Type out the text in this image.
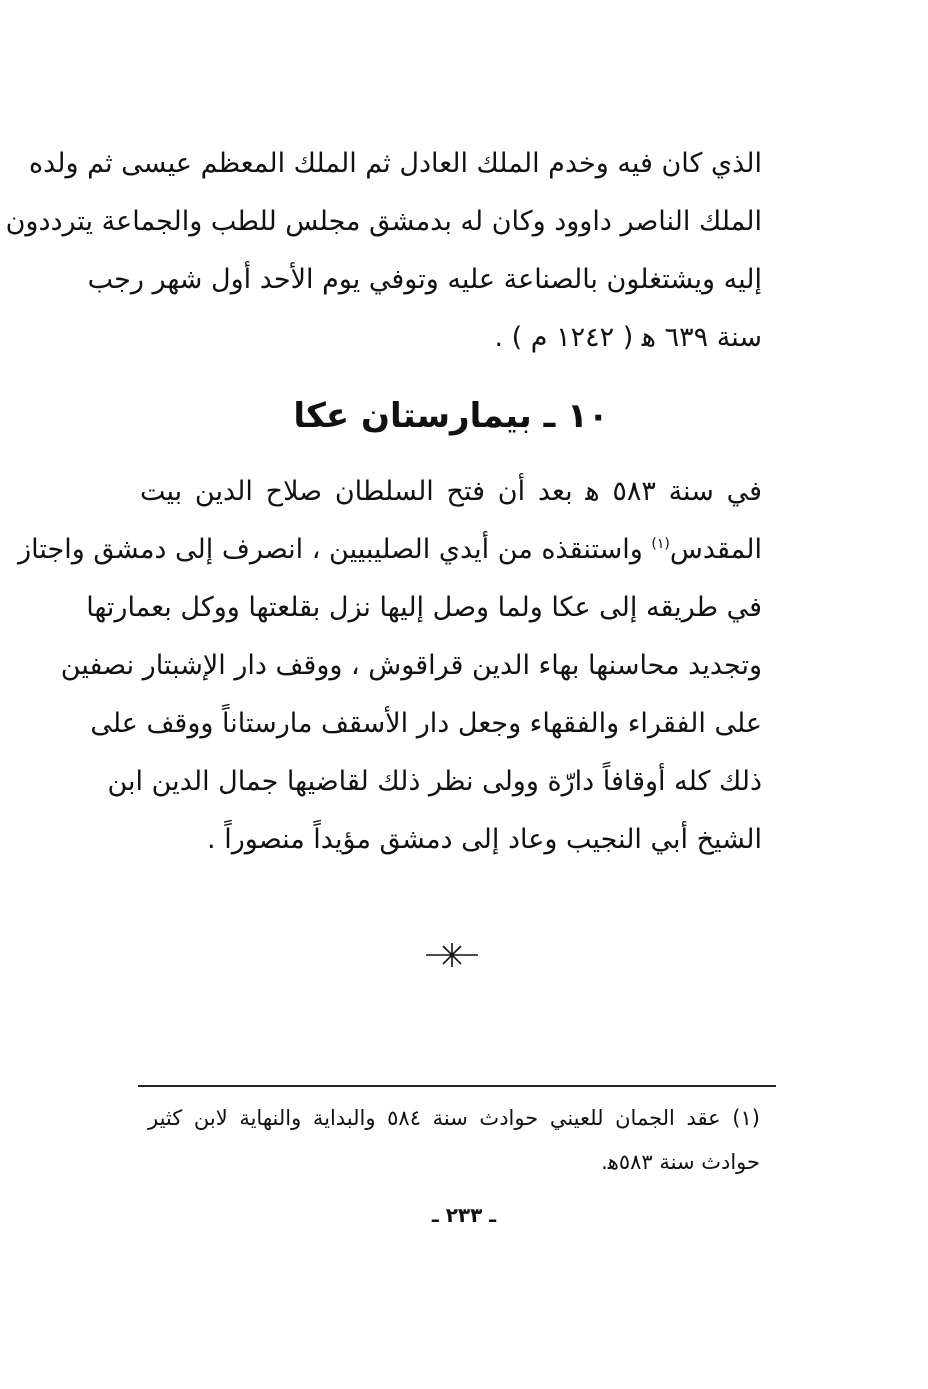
الذي كان فيه وخدم الملك العادل ثم الملك المعظم عيسى ثم ولده
الملك الناصر داوود وكان له بدمشق مجلس للطب والجماعة يترددون
إليه ويشتغلون بالصناعة عليه وتوفي يوم الأحد أول شهر رجب
سنة ٦٣٩ ﻫ ( ١٢٤٢ م ) .
١٠ ـ بيمارستان عكا
في سنة ٥٨٣ ﻫ بعد أن فتح السلطان صلاح الدين بيت
المقدس$^{(١)}$ واستنقذه من أيدي الصليبيين ، انصرف إلى دمشق واجتاز
في طريقه إلى عكا ولما وصل إليها نزل بقلعتها ووكل بعمارتها
وتجديد محاسنها بهاء الدين قراقوش ، ووقف دار الإشبتار نصفين
على الفقراء والفقهاء وجعل دار الأسقف مارستاناً ووقف على
ذلك كله أوقافاً دارّة وولى نظر ذلك لقاضيها جمال الدين ابن
الشيخ أبي النجيب وعاد إلى دمشق مؤيداً منصوراً .
(١) عقد الجمان للعيني حوادث سنة ٥٨٤ والبداية والنهاية لابن كثير
حوادث سنة ٥٨٣ﻫ.
ـ ٢٣٣ ـ
